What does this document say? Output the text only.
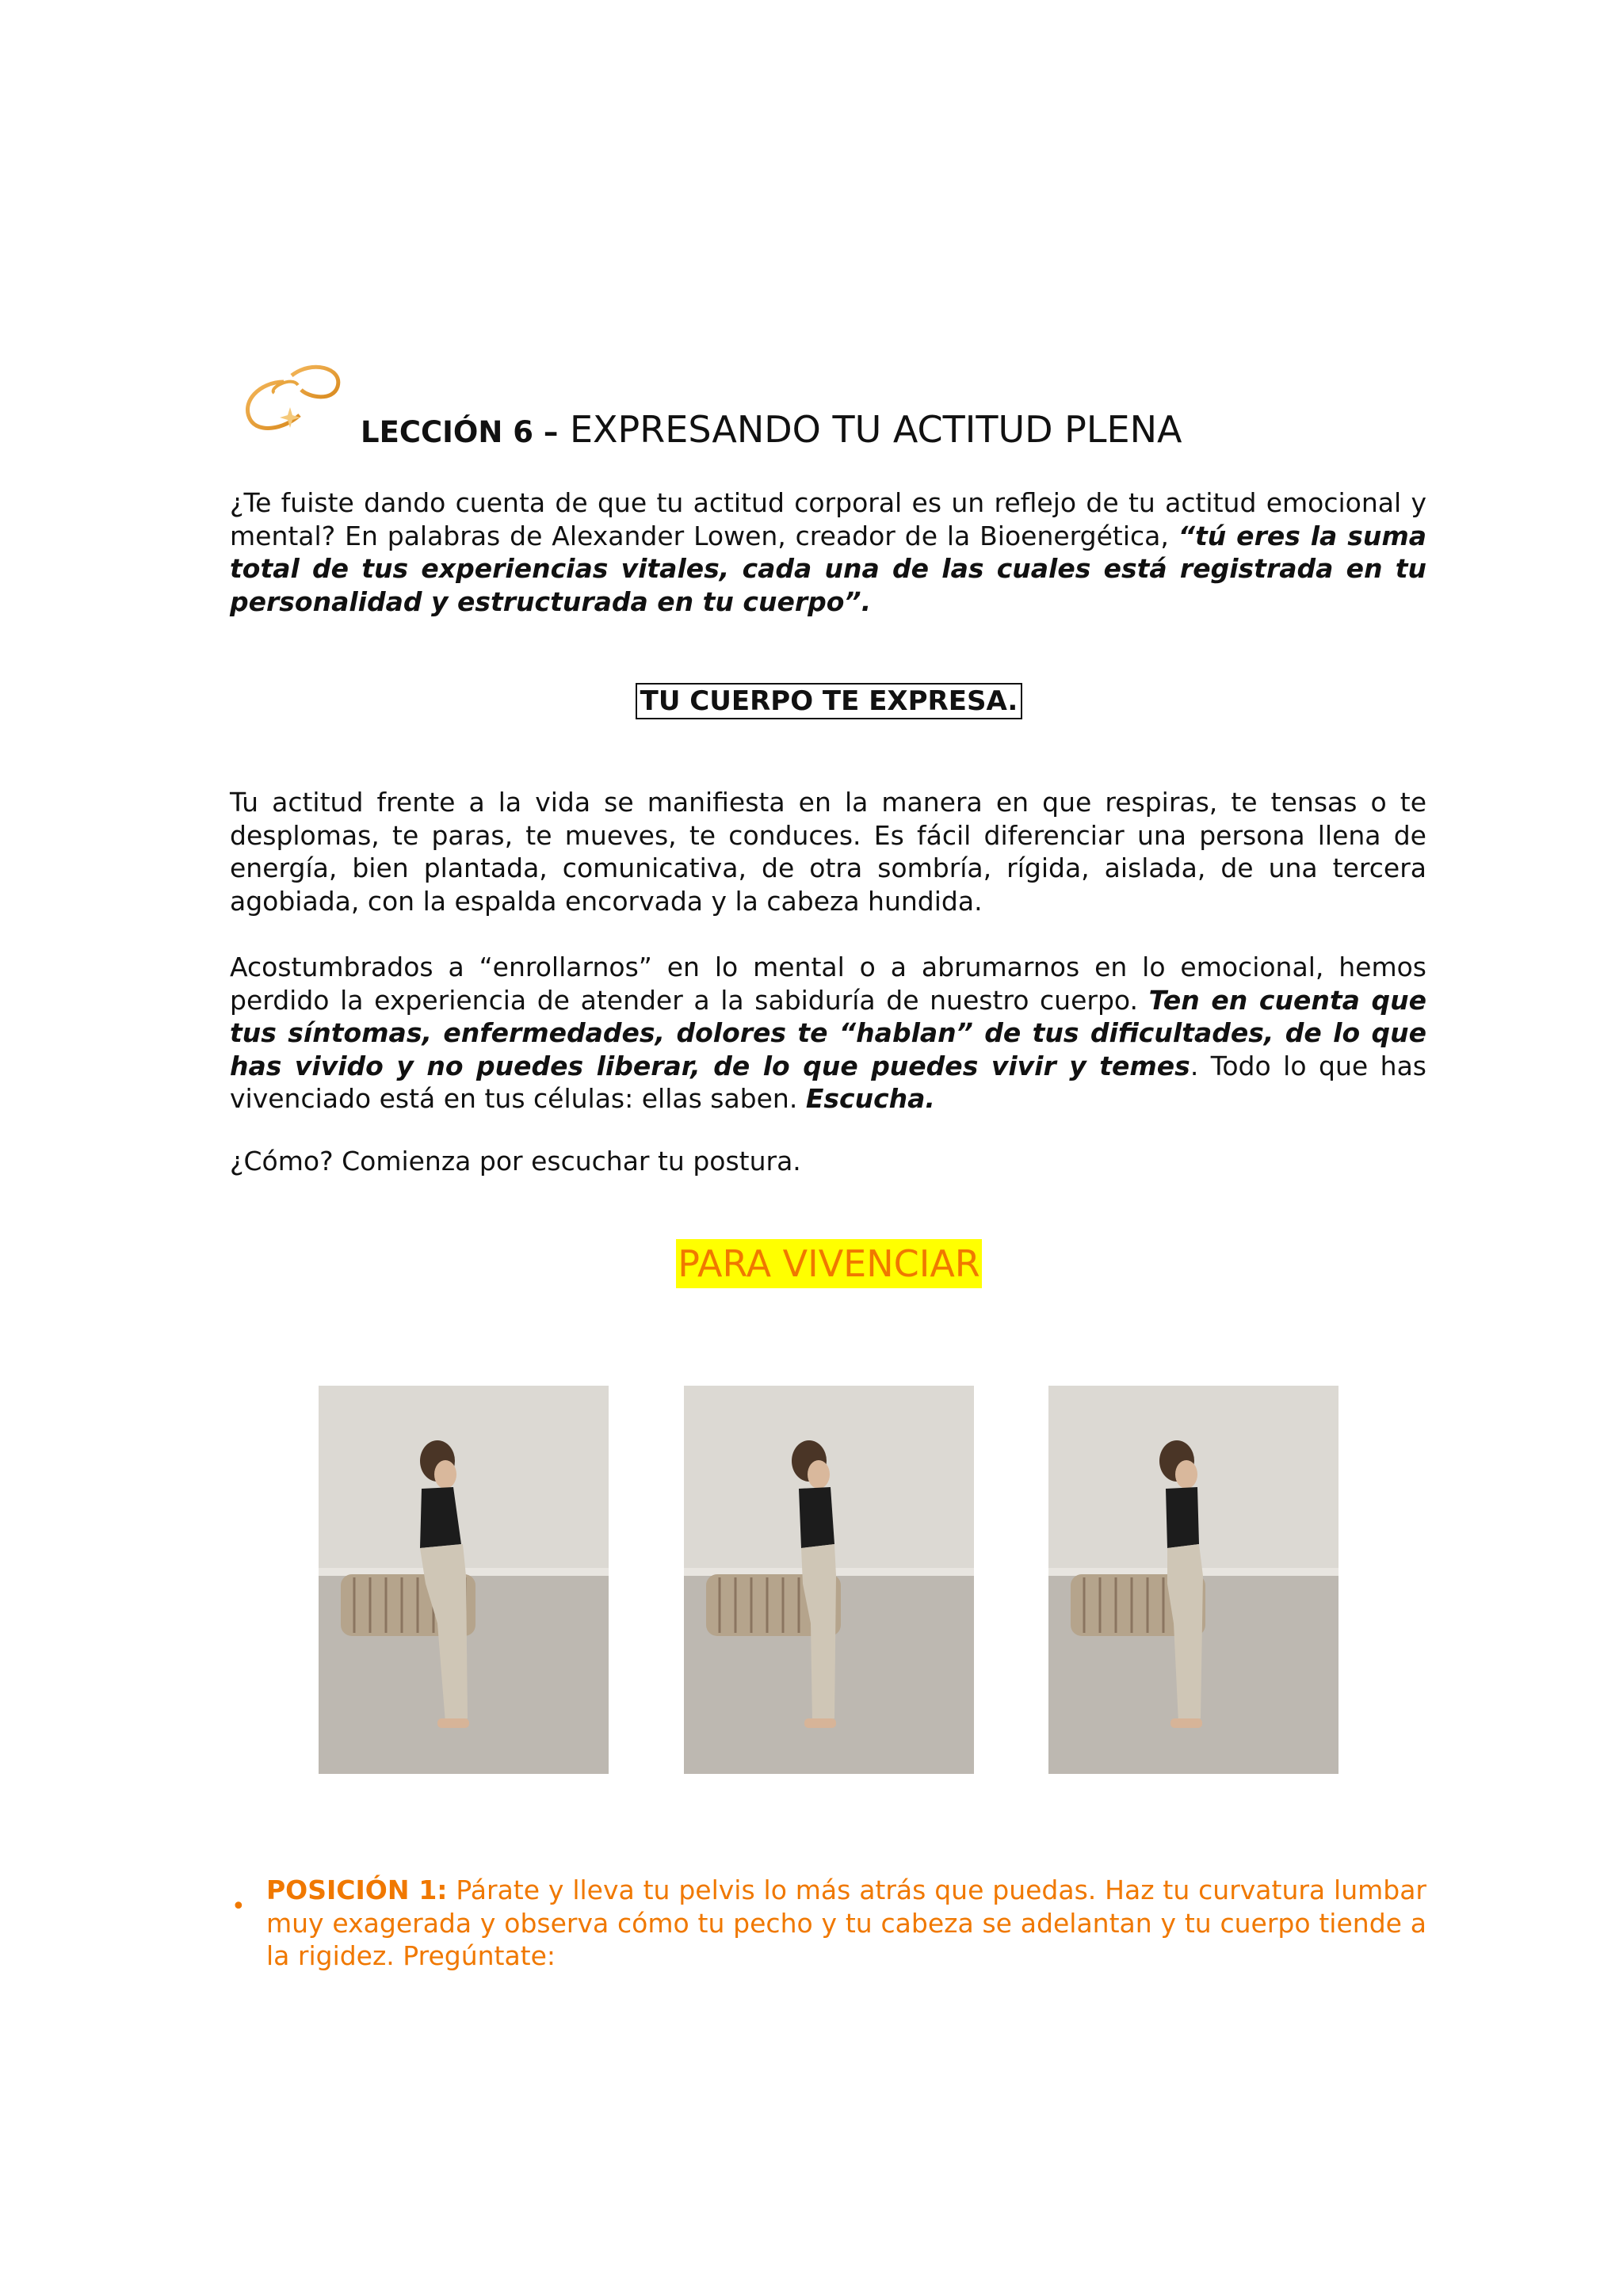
LECCIÓN 6 – EXPRESANDO TU ACTITUD PLENA
¿Te fuiste dando cuenta de que tu actitud corporal es un reflejo de tu actitud emocional y mental? En palabras de Alexander Lowen, creador de la Bioenergética, “tú eres la suma total de tus experiencias vitales, cada una de las cuales está registrada en tu personalidad y estructurada en tu cuerpo”.
TU CUERPO TE EXPRESA.
Tu actitud frente a la vida se manifiesta en la manera en que respiras, te tensas o te desplomas, te paras, te mueves, te conduces. Es fácil diferenciar una persona llena de energía, bien plantada, comunicativa, de otra sombría, rígida, aislada, de una tercera agobiada, con la espalda encorvada y la cabeza hundida.
Acostumbrados a “enrollarnos” en lo mental o a abrumarnos en lo emocional, hemos perdido la experiencia de atender a la sabiduría de nuestro cuerpo. Ten en cuenta que tus síntomas, enfermedades, dolores te “hablan” de tus dificultades, de lo que has vivido y no puedes liberar, de lo que puedes vivir y temes. Todo lo que has vivenciado está en tus células: ellas saben. Escucha.
¿Cómo? Comienza por escuchar tu postura.
PARA VIVENCIAR
•
POSICIÓN 1: Párate y lleva tu pelvis lo más atrás que puedas. Haz tu curvatura lumbar muy exagerada y observa cómo tu pecho y tu cabeza se adelantan y tu cuerpo tiende a la rigidez. Pregúntate:
